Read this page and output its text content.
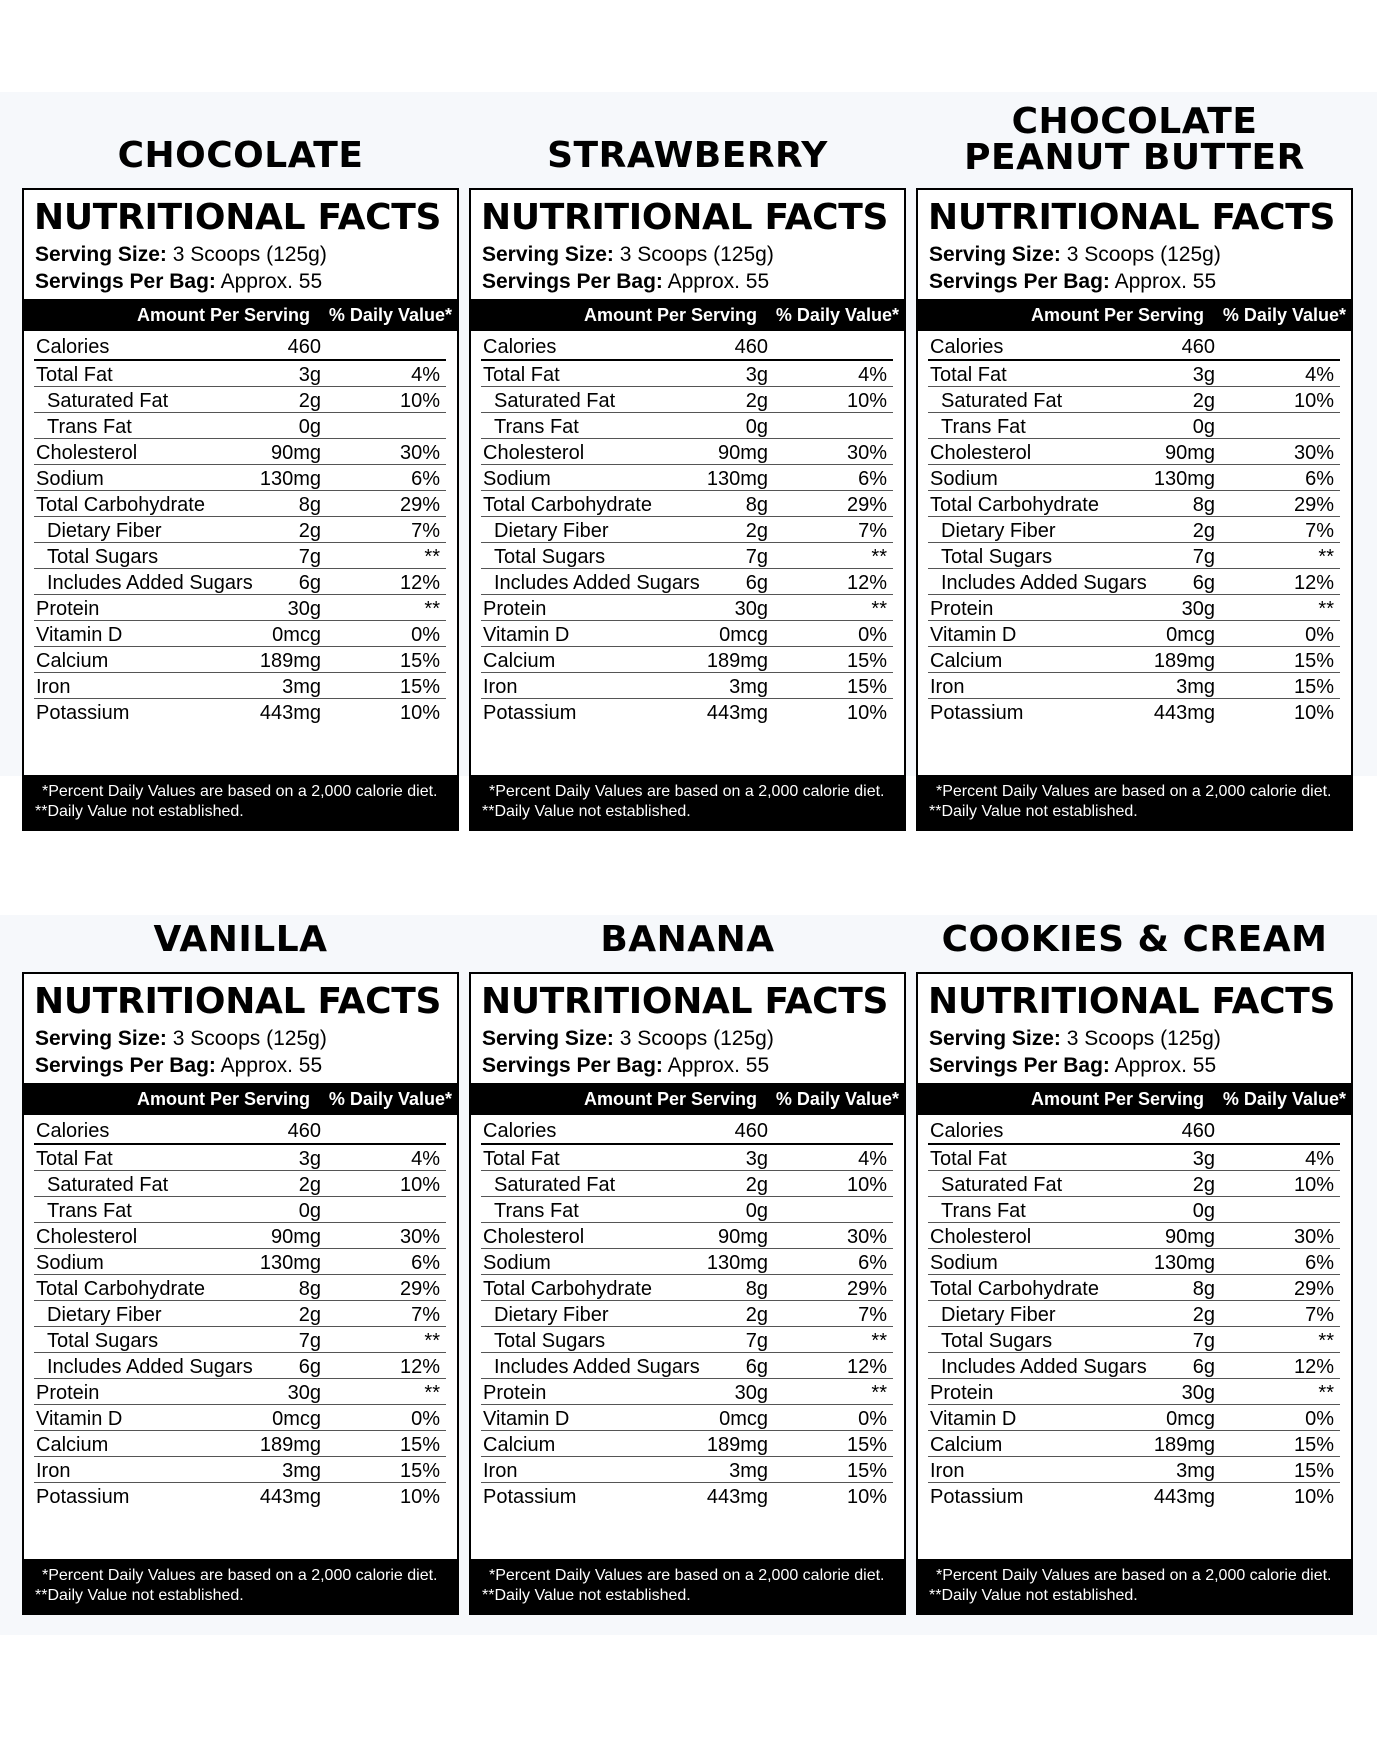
CHOCOLATE
NUTRITIONAL FACTS
Serving Size: 3 Scoops (125g)
Servings Per Bag: Approx. 55
Amount Per Serving % Daily Value*
Calories	460
Total Fat	3g	4%
Saturated Fat	2g	10%
Trans Fat	0g
Cholesterol	90mg	30%
Sodium	130mg	6%
Total Carbohydrate	8g	29%
Dietary Fiber	2g	7%
Total Sugars	7g	**
Includes Added Sugars 6g	12%
Protein	30g	**
Vitamin D	0mcg	0%
Calcium	189mg	15%
Iron	3mg	15%
Potassium	443mg	10%
*Percent Daily Values are based on a 2,000 calorie diet.
**Daily Value not established.
STRAWBERRY
NUTRITIONAL FACTS
Serving Size: 3 Scoops (125g)
Servings Per Bag: Approx. 55
Amount Per Serving % Daily Value*
Calories	460
Total Fat	3g	4%
Saturated Fat	2g	10%
Trans Fat	0g
Cholesterol	90mg	30%
Sodium	130mg	6%
Total Carbohydrate	8g	29%
Dietary Fiber	2g	7%
Total Sugars	7g	**
Includes Added Sugars 6g	12%
Protein	30g	**
Vitamin D	0mcg	0%
Calcium	189mg	15%
Iron	3mg	15%
Potassium	443mg	10%
*Percent Daily Values are based on a 2,000 calorie diet.
**Daily Value not established.
CHOCOLATE
PEANUT BUTTER
NUTRITIONAL FACTS
Serving Size: 3 Scoops (125g)
Servings Per Bag: Approx. 55
Amount Per Serving % Daily Value*
Calories	460
Total Fat	3g	4%
Saturated Fat	2g	10%
Trans Fat	0g
Cholesterol	90mg	30%
Sodium	130mg	6%
Total Carbohydrate	8g	29%
Dietary Fiber	2g	7%
Total Sugars	7g	**
Includes Added Sugars 6g	12%
Protein	30g	**
Vitamin D	0mcg	0%
Calcium	189mg	15%
Iron	3mg	15%
Potassium	443mg	10%
*Percent Daily Values are based on a 2,000 calorie diet.
**Daily Value not established.
VANILLA
NUTRITIONAL FACTS
Serving Size: 3 Scoops (125g)
Servings Per Bag: Approx. 55
Amount Per Serving % Daily Value*
Calories	460
Total Fat	3g	4%
Saturated Fat	2g	10%
Trans Fat	0g
Cholesterol	90mg	30%
Sodium	130mg	6%
Total Carbohydrate	8g	29%
Dietary Fiber	2g	7%
Total Sugars	7g	**
Includes Added Sugars 6g	12%
Protein	30g	**
Vitamin D	0mcg	0%
Calcium	189mg	15%
Iron	3mg	15%
Potassium	443mg	10%
*Percent Daily Values are based on a 2,000 calorie diet.
**Daily Value not established.
BANANA
NUTRITIONAL FACTS
Serving Size: 3 Scoops (125g)
Servings Per Bag: Approx. 55
Amount Per Serving % Daily Value*
Calories	460
Total Fat	3g	4%
Saturated Fat	2g	10%
Trans Fat	0g
Cholesterol	90mg	30%
Sodium	130mg	6%
Total Carbohydrate	8g	29%
Dietary Fiber	2g	7%
Total Sugars	7g	**
Includes Added Sugars 6g	12%
Protein	30g	**
Vitamin D	0mcg	0%
Calcium	189mg	15%
Iron	3mg	15%
Potassium	443mg	10%
*Percent Daily Values are based on a 2,000 calorie diet.
**Daily Value not established.
COOKIES & CREAM
NUTRITIONAL FACTS
Serving Size: 3 Scoops (125g)
Servings Per Bag: Approx. 55
Amount Per Serving % Daily Value*
Calories	460
Total Fat	3g	4%
Saturated Fat	2g	10%
Trans Fat	0g
Cholesterol	90mg	30%
Sodium	130mg	6%
Total Carbohydrate	8g	29%
Dietary Fiber	2g	7%
Total Sugars	7g	**
Includes Added Sugars 6g	12%
Protein	30g	**
Vitamin D	0mcg	0%
Calcium	189mg	15%
Iron	3mg	15%
Potassium	443mg	10%
*Percent Daily Values are based on a 2,000 calorie diet.
**Daily Value not established.
